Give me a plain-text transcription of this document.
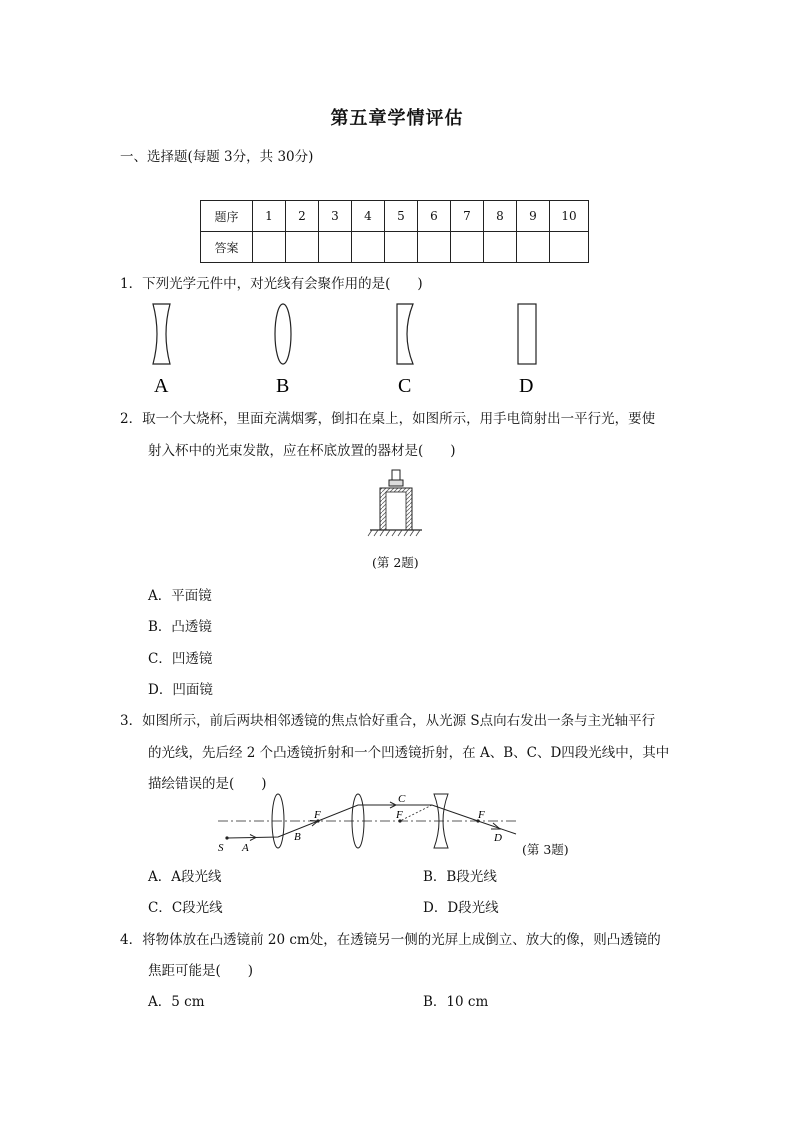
第五章学情评估
一、选择题(每题 3分，共 30分)
题序	1	2	3	4	5	6	7	8	9	10
答案										
1．下列光学元件中，对光线有会聚作用的是(　　)
A	B	C	D
2．取一个大烧杯，里面充满烟雾，倒扣在桌上，如图所示，用手电筒射出一平行光，要使
射入杯中的光束发散，应在杯底放置的器材是(　　)
(第 2题)
A．平面镜
B．凸透镜
C．凹透镜
D．凹面镜
3．如图所示，前后两块相邻透镜的焦点恰好重合，从光源 S点向右发出一条与主光轴平行
的光线，先后经 2 个凸透镜折射和一个凹透镜折射，在 A、B、C、D四段光线中，其中
描绘错误的是(　　)
S A
B
F
C
F	F
D
(第 3题)
A．A段光线	B．B段光线
C．C段光线	D．D段光线
4．将物体放在凸透镜前 20 cm处，在透镜另一侧的光屏上成倒立、放大的像，则凸透镜的
焦距可能是(　　)
A．5 cm	B．10 cm
